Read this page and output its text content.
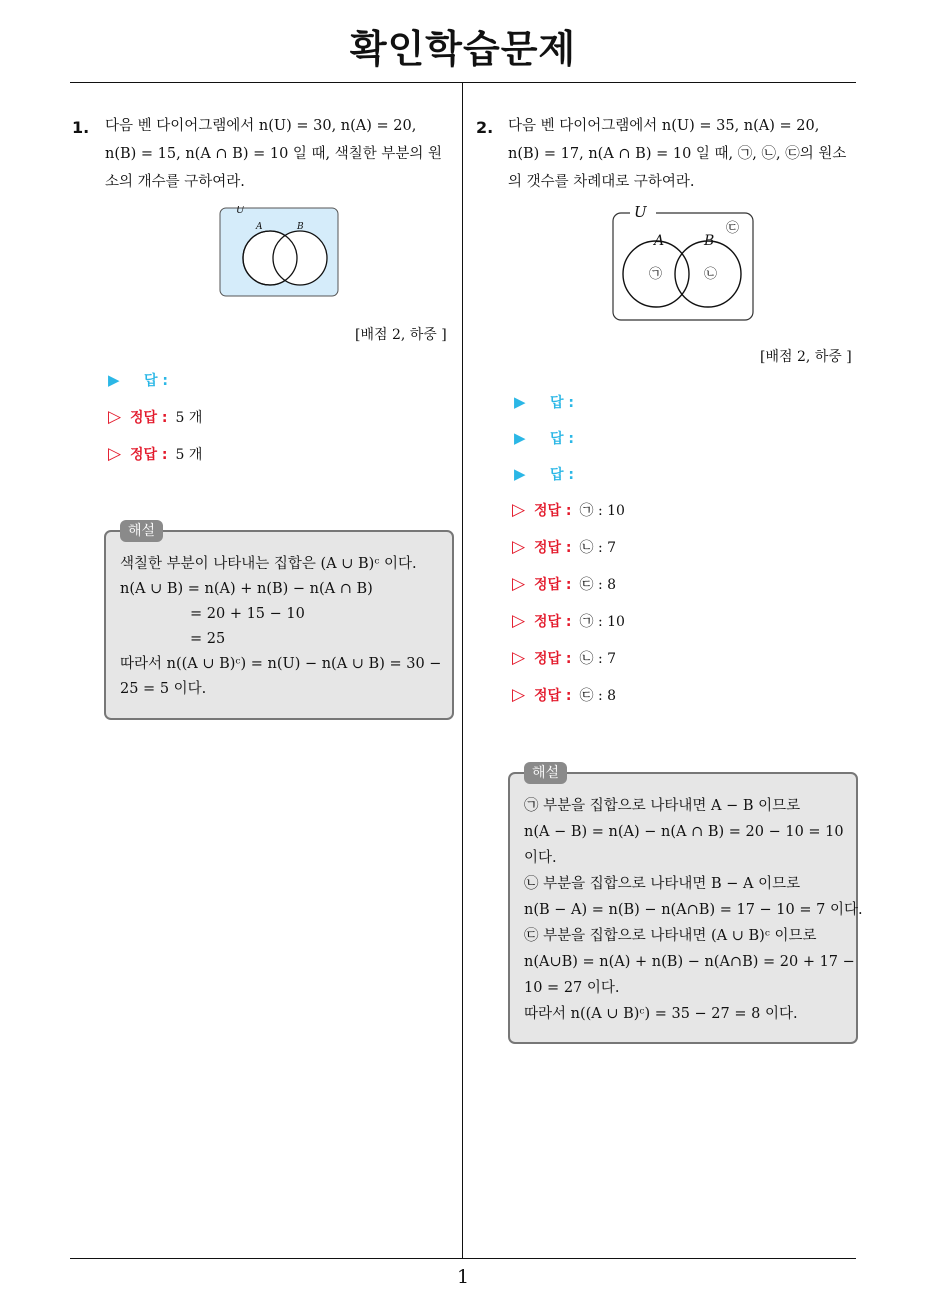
확인학습문제
1
1. 다음 벤 다이어그램에서 n(U) = 30, n(A) = 20,
n(B) = 15, n(A ∩ B) = 10 일 때, 색칠한 부분의 원
소의 개수를 구하여라.
U
A	B
[배점 2, 하중 ]
▶	답 :
▷ 정답 : 5 개
▷ 정답 : 5 개
색칠한 부분이 나타내는 집합은 (A ∪ B)ᶜ 이다.
n(A ∪ B) = n(A) + n(B) − n(A ∩ B)
= 20 + 15 − 10
= 25
따라서 n((A ∪ B)ᶜ) = n(U) − n(A ∪ B) = 30 −
25 = 5 이다.
해설
2. 다음 벤 다이어그램에서 n(U) = 35, n(A) = 20,
n(B) = 17, n(A ∩ B) = 10 일 때, ㉠, ㉡, ㉢의 원소
의 갯수를 차례대로 구하여라.
U
A	B
㉠	㉡
㉢
[배점 2, 하중 ]
▶	답 :
▶	답 :
▶	답 :
▷ 정답 : ㉠ : 10
▷ 정답 : ㉡ : 7
▷ 정답 : ㉢ : 8
▷ 정답 : ㉠ : 10
▷ 정답 : ㉡ : 7
▷ 정답 : ㉢ : 8
㉠ 부분을 집합으로 나타내면 A − B 이므로
n(A − B) = n(A) − n(A ∩ B) = 20 − 10 = 10
이다.
㉡ 부분을 집합으로 나타내면 B − A 이므로
n(B − A) = n(B) − n(A∩B) = 17 − 10 = 7 이다.
㉢ 부분을 집합으로 나타내면 (A ∪ B)ᶜ 이므로
n(A∪B) = n(A) + n(B) − n(A∩B) = 20 + 17 −
10 = 27 이다.
따라서 n((A ∪ B)ᶜ) = 35 − 27 = 8 이다.
해설
